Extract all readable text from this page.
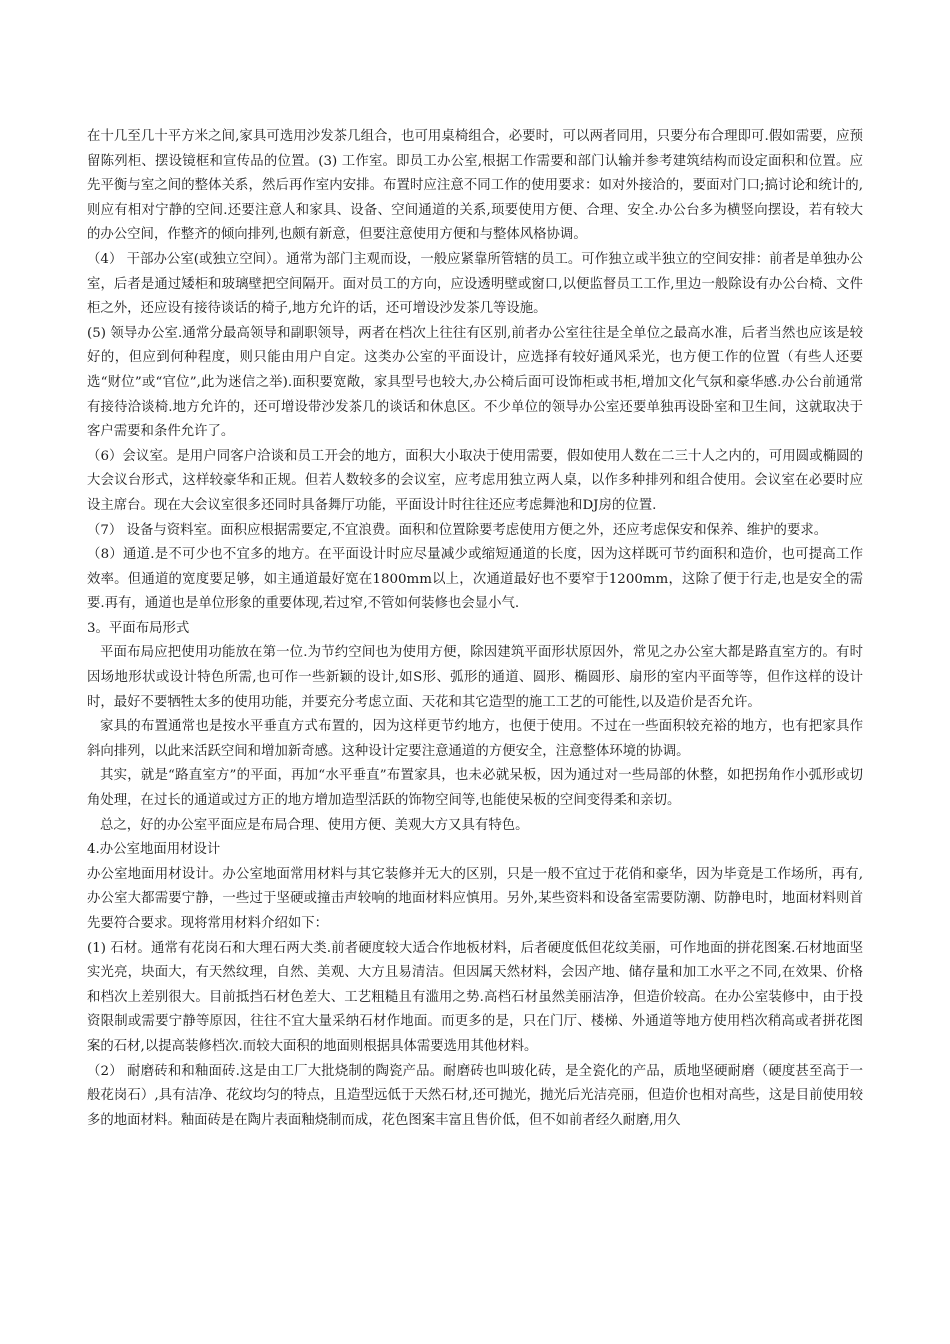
在十几至几十平方米之间,家具可选用沙发茶几组合，也可用桌椅组合，必要时，可以两者同用，只要分布合理即可.假如需要，应预留陈列柜、摆设镜框和宣传品的位置。(3) 工作室。即员工办公室,根据工作需要和部门认输并参考建筑结构而设定面积和位置。应先平衡与室之间的整体关系，然后再作室内安排。布置时应注意不同工作的使用要求：如对外接洽的，要面对门口;搞讨论和统计的,则应有相对宁静的空间.还要注意人和家具、设备、空间通道的关系,顼要使用方便、合理、安全.办公台多为横竖向摆设，若有较大的办公空间，作整齐的倾向排列,也颇有新意，但要注意使用方便和与整体风格协调。

（4） 干部办公室(或独立空间）。通常为部门主观而设，一般应紧靠所管辖的员工。可作独立或半独立的空间安排：前者是单独办公室，后者是通过矮柜和玻璃壁把空间隔开。面对员工的方向，应设透明壁或窗口,以便监督员工工作,里边一般除设有办公台椅、文件柜之外，还应设有接待谈话的椅子,地方允许的话，还可增设沙发茶几等设施。

(5) 领导办公室.通常分最高领导和副职领导，两者在档次上往往有区别,前者办公室往往是全单位之最高水准，后者当然也应该是较好的，但应到何种程度，则只能由用户自定。这类办公室的平面设计，应选择有较好通风采光，也方便工作的位置（有些人还要选“财位”或“官位”,此为迷信之举).面积要宽敞，家具型号也较大,办公椅后面可设饰柜或书柜,增加文化气氛和豪华感.办公台前通常有接待洽谈椅.地方允许的，还可增设带沙发茶几的谈话和休息区。不少单位的领导办公室还要单独再设卧室和卫生间，这就取决于客户需要和条件允许了。

（6）会议室。是用户同客户洽谈和员工开会的地方，面积大小取决于使用需要，假如使用人数在二三十人之内的，可用圆或椭圆的大会议台形式，这样较豪华和正规。但若人数较多的会议室，应考虑用独立两人桌，以作多种排列和组合使用。会议室在必要时应设主席台。现在大会议室很多还同时具备舞厅功能，平面设计时往往还应考虑舞池和DJ房的位置.

（7） 设备与资料室。面积应根据需要定,不宜浪费。面积和位置除要考虑使用方便之外，还应考虑保安和保养、维护的要求。

（8）通道.是不可少也不宜多的地方。在平面设计时应尽量减少或缩短通道的长度，因为这样既可节约面积和造价，也可提高工作效率。但通道的宽度要足够，如主通道最好宽在1800mm以上，次通道最好也不要窄于1200mm，这除了便于行走,也是安全的需要.再有，通道也是单位形象的重要体现,若过窄,不管如何装修也会显小气.

3。平面布局形式

平面布局应把使用功能放在第一位.为节约空间也为使用方便，除因建筑平面形状原因外，常见之办公室大都是路直室方的。有时因场地形状或设计特色所需,也可作一些新颖的设计,如S形、弧形的通道、圆形、椭圆形、扇形的室内平面等等，但作这样的设计时，最好不要牺牲太多的使用功能，并要充分考虑立面、天花和其它造型的施工工艺的可能性,以及造价是否允许。

家具的布置通常也是按水平垂直方式布置的，因为这样更节约地方，也便于使用。不过在一些面积较充裕的地方，也有把家具作斜向排列，以此来活跃空间和增加新奇感。这种设计定要注意通道的方便安全，注意整体环境的协调。

其实，就是“路直室方”的平面，再加“水平垂直”布置家具，也未必就呆板，因为通过对一些局部的休整，如把拐角作小弧形或切角处理，在过长的通道或过方正的地方增加造型活跃的饰物空间等,也能使呆板的空间变得柔和亲切。

总之，好的办公室平面应是布局合理、使用方便、美观大方又具有特色。

4.办公室地面用材设计

办公室地面用材设计。办公室地面常用材料与其它装修并无大的区别，只是一般不宜过于花俏和豪华，因为毕竟是工作场所，再有,办公室大都需要宁静，一些过于坚硬或撞击声较响的地面材料应慎用。另外,某些资料和设备室需要防潮、防静电时，地面材料则首先要符合要求。现将常用材料介绍如下：

(1) 石材。通常有花岗石和大理石两大类.前者硬度较大适合作地板材料，后者硬度低但花纹美丽，可作地面的拼花图案.石材地面坚实光亮，块面大，有天然纹理，自然、美观、大方且易清洁。但因属天然材料，会因产地、储存量和加工水平之不同,在效果、价格和档次上差别很大。目前抵挡石材色差大、工艺粗糙且有滥用之势.高档石材虽然美丽洁净，但造价较高。在办公室装修中，由于投资限制或需要宁静等原因，往往不宜大量采纳石材作地面。而更多的是，只在门厅、楼梯、外通道等地方使用档次稍高或者拼花图案的石材,以提高装修档次.而较大面积的地面则根据具体需要选用其他材料。

（2） 耐磨砖和和釉面砖.这是由工厂大批烧制的陶瓷产品。耐磨砖也叫玻化砖，是全瓷化的产品，质地坚硬耐磨（硬度甚至高于一般花岗石）,具有洁净、花纹均匀的特点，且造型远低于天然石材,还可抛光，抛光后光洁亮丽，但造价也相对高些，这是目前使用较多的地面材料。釉面砖是在陶片表面釉烧制而成，花色图案丰富且售价低，但不如前者经久耐磨,用久
